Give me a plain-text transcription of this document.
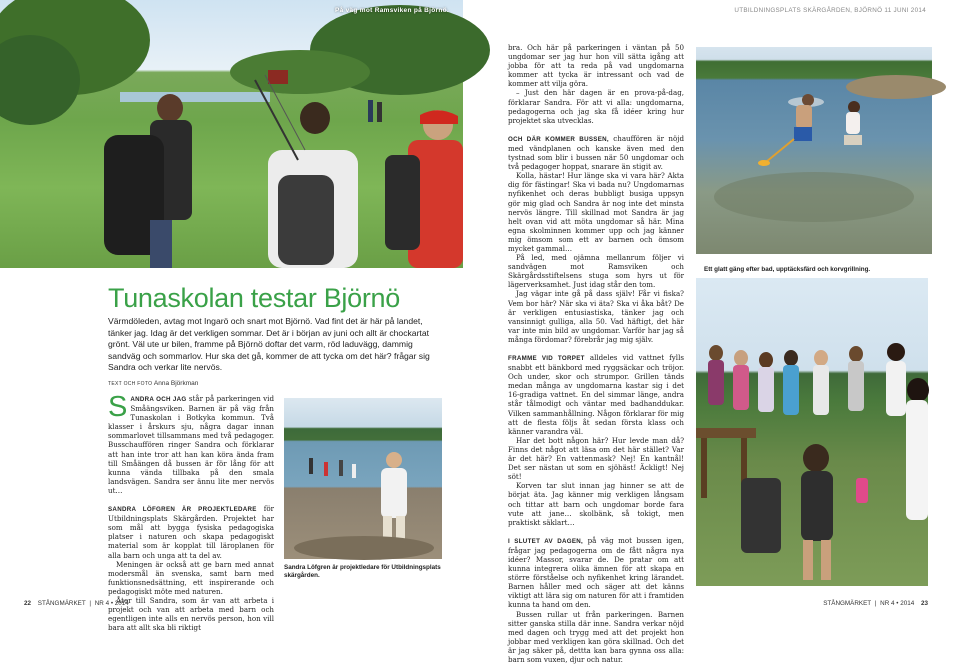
På väg mot Ramsviken på Björnö.
Tunaskolan testar Björnö
Värmdöleden, avtag mot Ingarö och snart mot Björnö. Vad fint det är här på landet, tänker jag. Idag är det verkligen sommar. Det är i början av juni och allt är chockartat grönt. Väl ute ur bilen, framme på Björnö doftar det varm, röd laduvägg, dammig sandväg och sommarlov. Hur ska det gå, kommer de att tycka om det här? frågar sig Sandra och verkar lite nervös.
TEXT OCH FOTO Anna Björkman

SANDRA OCH JAG står på parkeringen vid Småängsviken. Barnen är på väg från Tunaskolan i Botkyka kommun. Två klasser i årskurs sju, några dagar innan sommarlovet tillsammans med två pedagoger. Busschauffören ringer Sandra och förklarar att han inte tror att han kan köra ända fram till Småängen då bussen är för lång för att kunna vända tillbaka på den smala landsvägen. Sandra ser ännu lite mer nervös ut…

SANDRA LÖFGREN ÄR PROJEKTLEDARE för Utbildningsplats Skärgården. Projektet har som mål att bygga fysiska pedagogiska platser i naturen och skapa pedagogiskt material som är kopplat till läroplanen för alla barn och unga att ta del av.

Meningen är också att ge barn med annat modersmål än svenska, samt barn med funktionsnedsättning, ett inspirerande och pedagogiskt möte med naturen.

Åter till Sandra, som är van att arbeta i projekt och van att arbeta med barn och egentligen inte alls en nervös person, hon vill bara att allt ska bli riktigt

Sandra Löfgren är projektledare för Utbildningsplats skärgården.
22 STÅNGMÄRKET | NR 4 • 2014
UTBILDNINGSPLATS SKÄRGÅRDEN, BJÖRNÖ 11 JUNI 2014

bra. Och här på parkeringen i väntan på 50 ungdomar ser jag hur hon vill sätta igång att jobba för att ta reda på vad ungdomarna kommer att tycka är intressant och vad de kommer att vilja göra.

– Just den här dagen är en prova-på-dag, förklarar Sandra. För att vi alla: ungdomarna, pedagogerna och jag ska få idéer kring hur projektet ska utvecklas.

OCH DÄR KOMMER BUSSEN, chauffören är nöjd med vändplanen och kanske även med den tystnad som blir i bussen när 50 ungdomar och två pedagoger hoppat, snarare än stigit av.

Kolla, hästar! Hur länge ska vi vara här? Akta dig för fästingar! Ska vi bada nu? Ungdomarnas nyfikenhet och deras bubbligt busiga uppsyn gör mig glad och Sandra är nog inte det minsta nervös längre. Till skillnad mot Sandra är jag helt ovan vid att möta ungdomar så här. Mina egna skolminnen kommer upp och jag känner mig ömsom som ett av barnen och ömsom mycket gammal…

På led, med ojämna mellanrum följer vi sandvägen mot Ramsviken och Skärgårdsstiftelsens stuga som hyrs ut för lägerverksamhet. Just idag står den tom.

Jag vägar inte gå på dass själv! Får vi fiska? Vem bor här? När ska vi äta? Ska vi åka båt? De är verkligen entusiastiska, tänker jag och vansinnigt gulliga, alla 50. Vad häftigt, det här var inte min bild av ungdomar. Varför har jag så många fördomar? förebrår jag mig själv.

FRAMME VID TORPET alldeles vid vattnet fylls snabbt ett bänkbord med ryggsäckar och tröjor. Och under, skor och strumpor. Grillen tänds medan många av ungdomarna kastar sig i det 16-gradiga vattnet. En del simmar länge, andra står tålmodigt och väntar med badhanddukar. Vilken sammanhållning. Någon förklarar för mig att de flesta följs åt sedan första klass och känner varandra väl.

Har det bott någon här? Hur levde man då? Finns det något att läsa om det här stället? Var är det här? En vattenmask? Nej! En kantnål! Det ser nästan ut som en sjöhäst! Äckligt! Nej söt!

Korven tar slut innan jag hinner se att de börjat äta. Jag känner mig verkligen långsam och tittar att barn och ungdomar borde fara vute att jane… skolbänk, så tokigt, men praktiskt säklart…

I SLUTET AV DAGEN, på väg mot bussen igen, frågar jag pedagogerna om de fått några nya idéer? Massor, svarar de. De pratar om att kunna integrera olika ämnen för att skapa en större förståelse och nyfikenhet kring lärandet. Barnen håller med och säger att det känns viktigt att lära sig om naturen för att i framtiden kunna ta hand om den.

Bussen rullar ut från parkeringen. Barnen sitter ganska stilla där inne. Sandra verkar nöjd med dagen och trygg med att det projekt hon jobbar med verkligen kan göra skillnad. Och det är jag säker på, dettta kan bara gynna oss alla: barn som vuxen, djur och natur.

Ett glatt gäng efter bad, upptäcksfärd och korvgrillning.
STÅNGMÄRKET | NR 4 • 2014 23
